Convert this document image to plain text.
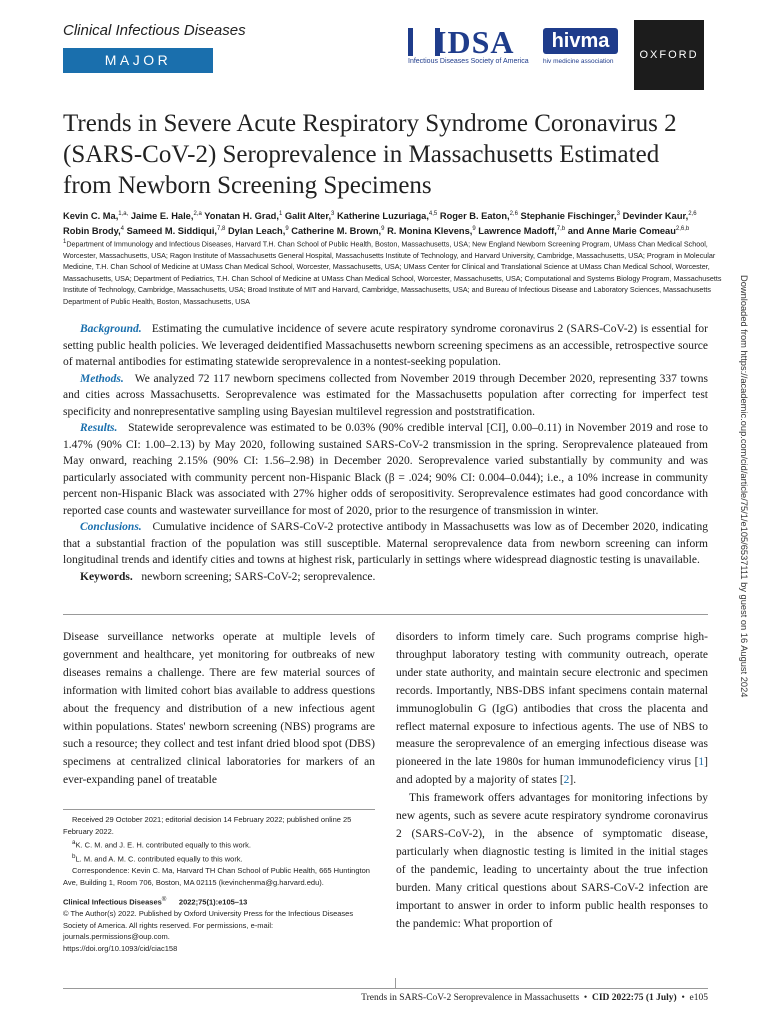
Clinical Infectious Diseases
MAJOR ARTICLE
IDSA
Infectious Diseases Society of America
hivma
hiv medicine association
OXFORD
Trends in Severe Acute Respiratory Syndrome Coronavirus 2 (SARS-CoV-2) Seroprevalence in Massachusetts Estimated from Newborn Screening Specimens
Kevin C. Ma,$^{1,a,}$ Jaime E. Hale,$^{2,a}$ Yonatan H. Grad,$^1$ Galit Alter,$^3$ Katherine Luzuriaga,$^{4,5}$ Roger B. Eaton,$^{2,6}$ Stephanie Fischinger,$^3$ Devinder Kaur,$^{2,6}$ Robin Brody,$^4$ Sameed M. Siddiqui,$^{7,8}$ Dylan Leach,$^9$ Catherine M. Brown,$^9$ R. Monina Klevens,$^9$ Lawrence Madoff,$^{7,b}$ and Anne Marie Comeau$^{2,6,b}$
$^1$Department of Immunology and Infectious Diseases, Harvard T.H. Chan School of Public Health, Boston, Massachusetts, USA; New England Newborn Screening Program, UMass Chan Medical School, Worcester, Massachusetts, USA; Ragon Institute of Massachusetts General Hospital, Massachusetts Institute of Technology, and Harvard University, Cambridge, Massachusetts, USA; Program in Molecular Medicine, T.H. Chan School of Medicine at UMass Chan Medical School, Worcester, Massachusetts, USA; UMass Center for Clinical and Translational Science at UMass Chan Medical School, Worcester, Massachusetts, USA; Department of Pediatrics, T.H. Chan School of Medicine at UMass Chan Medical School, Worcester, Massachusetts, USA; Computational and Systems Biology Program, Massachusetts Institute of Technology, Cambridge, Massachusetts, USA; Broad Institute of MIT and Harvard, Cambridge, Massachusetts, USA; and Bureau of Infectious Disease and Laboratory Sciences, Massachusetts Department of Public Health, Boston, Massachusetts, USA	Downloaded from https://academic.oup.com/cid/article/75/1/e105/6537111 by guest on 16 August 2024

Background. Estimating the cumulative incidence of severe acute respiratory syndrome coronavirus 2 (SARS-CoV-2) is essential for setting public health policies. We leveraged deidentified Massachusetts newborn screening specimens as an accessible, retrospective source of maternal antibodies for estimating statewide seroprevalence in a nontest-seeking population.

Methods. We analyzed 72 117 newborn specimens collected from November 2019 through December 2020, representing 337 towns and cities across Massachusetts. Seroprevalence was estimated for the Massachusetts population after correcting for imperfect test specificity and nonrepresentative sampling using Bayesian multilevel regression and poststratification.

Results. Statewide seroprevalence was estimated to be 0.03% (90% credible interval [CI], 0.00–0.11) in November 2019 and rose to 1.47% (90% CI: 1.00–2.13) by May 2020, following sustained SARS-CoV-2 transmission in the spring. Seroprevalence plateaued from May onward, reaching 2.15% (90% CI: 1.56–2.98) in December 2020. Seroprevalence varied substantially by community and was particularly associated with community percent non-Hispanic Black (β = .024; 90% CI: 0.004–0.044); i.e., a 10% increase in community percent non-Hispanic Black was associated with 27% higher odds of seropositivity. Seroprevalence estimates had good concordance with reported case counts and wastewater surveillance for most of 2020, prior to the resurgence of transmission in winter.

Conclusions. Cumulative incidence of SARS-CoV-2 protective antibody in Massachusetts was low as of December 2020, indicating that a substantial fraction of the population was still susceptible. Maternal seroprevalence data from newborn screening can inform longitudinal trends and identify cities and towns at highest risk, particularly in settings where widespread diagnostic testing is unavailable.

Keywords. newborn screening; SARS-CoV-2; seroprevalence.

Disease surveillance networks operate at multiple levels of government and healthcare, yet monitoring for outbreaks of new diseases remains a challenge. There are few material sources of information with limited cohort bias available to address questions about the frequency and distribution of a new infectious agent within populations. States' newborn screening (NBS) programs are such a resource; they collect and test infant dried blood spot (DBS) specimens at centralized clinical laboratories for markers of an ever-expanding panel of treatable

disorders to inform timely care. Such programs comprise high-throughput laboratory testing with community outreach, operate under state authority, and maintain secure electronic and specimen records. Importantly, NBS-DBS infant specimens contain maternal immunoglobulin G (IgG) antibodies that cross the placenta and reflect maternal exposure to infectious agents. The use of NBS to measure the seroprevalence of an emerging infectious disease was pioneered in the late 1980s for human immunodeficiency virus [1] and adopted by a majority of states [2].

This framework offers advantages for monitoring infections by new agents, such as severe acute respiratory syndrome coronavirus 2 (SARS-CoV-2), in the absence of symptomatic disease, particularly when diagnostic testing is limited in the initial stages of the pandemic, leading to uncertainty about the true infection burden. Many critical questions about SARS-CoV-2 infection are important to answer in order to inform public health responses to the pandemic: What proportion of

Received 29 October 2021; editorial decision 14 February 2022; published online 25 February 2022.

$^a$K. C. M. and J. E. H. contributed equally to this work.

$^b$L. M. and A. M. C. contributed equally to this work.

Correspondence: Kevin C. Ma, Harvard TH Chan School of Public Health, 665 Huntington Ave, Building 1, Room 706, Boston, MA 02115 (kevinchenma@g.harvard.edu).

Clinical Infectious Diseases® 2022;75(1):e105–13

© The Author(s) 2022. Published by Oxford University Press for the Infectious Diseases Society of America. All rights reserved. For permissions, e-mail: journals.permissions@oup.com.

https://doi.org/10.1093/cid/ciac158

Trends in SARS-CoV-2 Seroprevalence in Massachusetts • CID 2022:75 (1 July) • e105
